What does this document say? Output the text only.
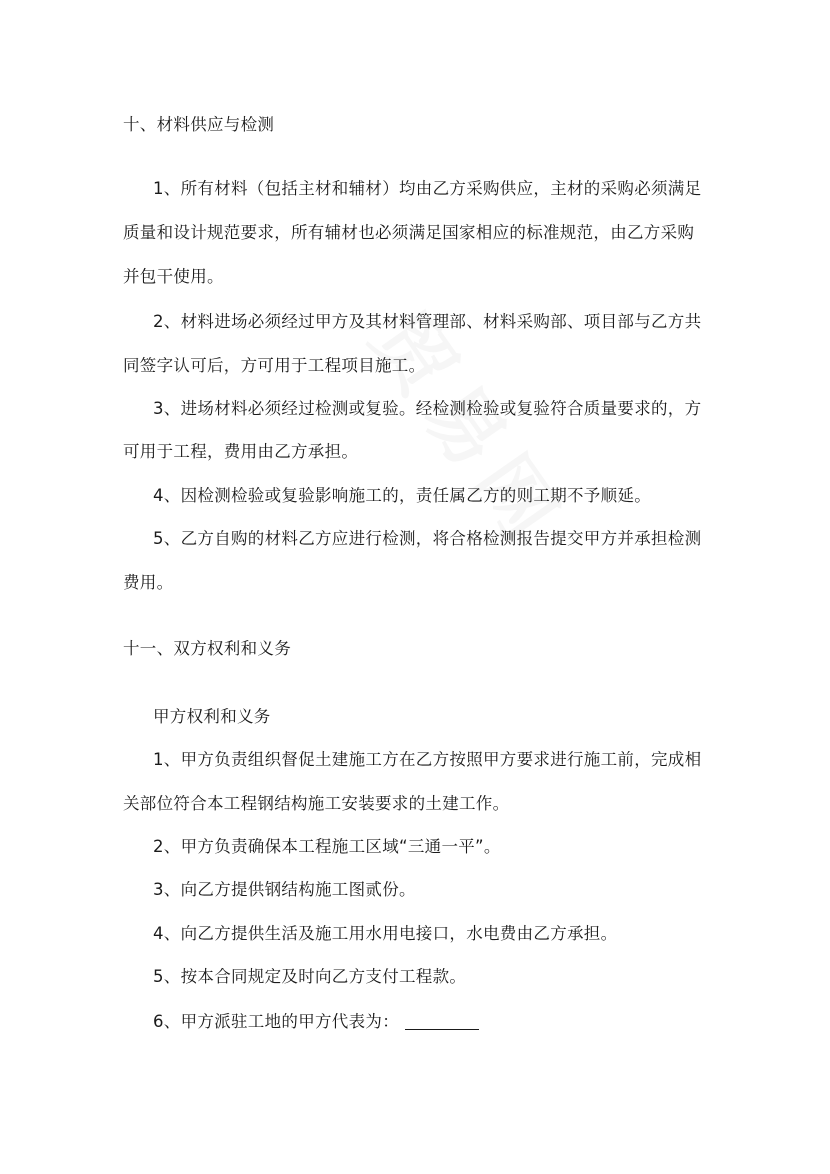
十、材料供应与检测
1、所有材料（包括主材和辅材）均由乙方采购供应，主材的采购必须满足
质量和设计规范要求，所有辅材也必须满足国家相应的标准规范，由乙方采购
并包干使用。
2、材料进场必须经过甲方及其材料管理部、材料采购部、项目部与乙方共
同签字认可后，方可用于工程项目施工。
3、进场材料必须经过检测或复验。经检测检验或复验符合质量要求的，方
可用于工程，费用由乙方承担。
4、因检测检验或复验影响施工的，责任属乙方的则工期不予顺延。
5、乙方自购的材料乙方应进行检测，将合格检测报告提交甲方并承担检测
费用。
十一、双方权利和义务
甲方权利和义务
1、甲方负责组织督促土建施工方在乙方按照甲方要求进行施工前，完成相
关部位符合本工程钢结构施工安装要求的土建工作。
2、甲方负责确保本工程施工区域“三通一平”。
3、向乙方提供钢结构施工图贰份。
4、向乙方提供生活及施工用水用电接口，水电费由乙方承担。
5、按本合同规定及时向乙方支付工程款。
6、甲方派驻工地的甲方代表为：
